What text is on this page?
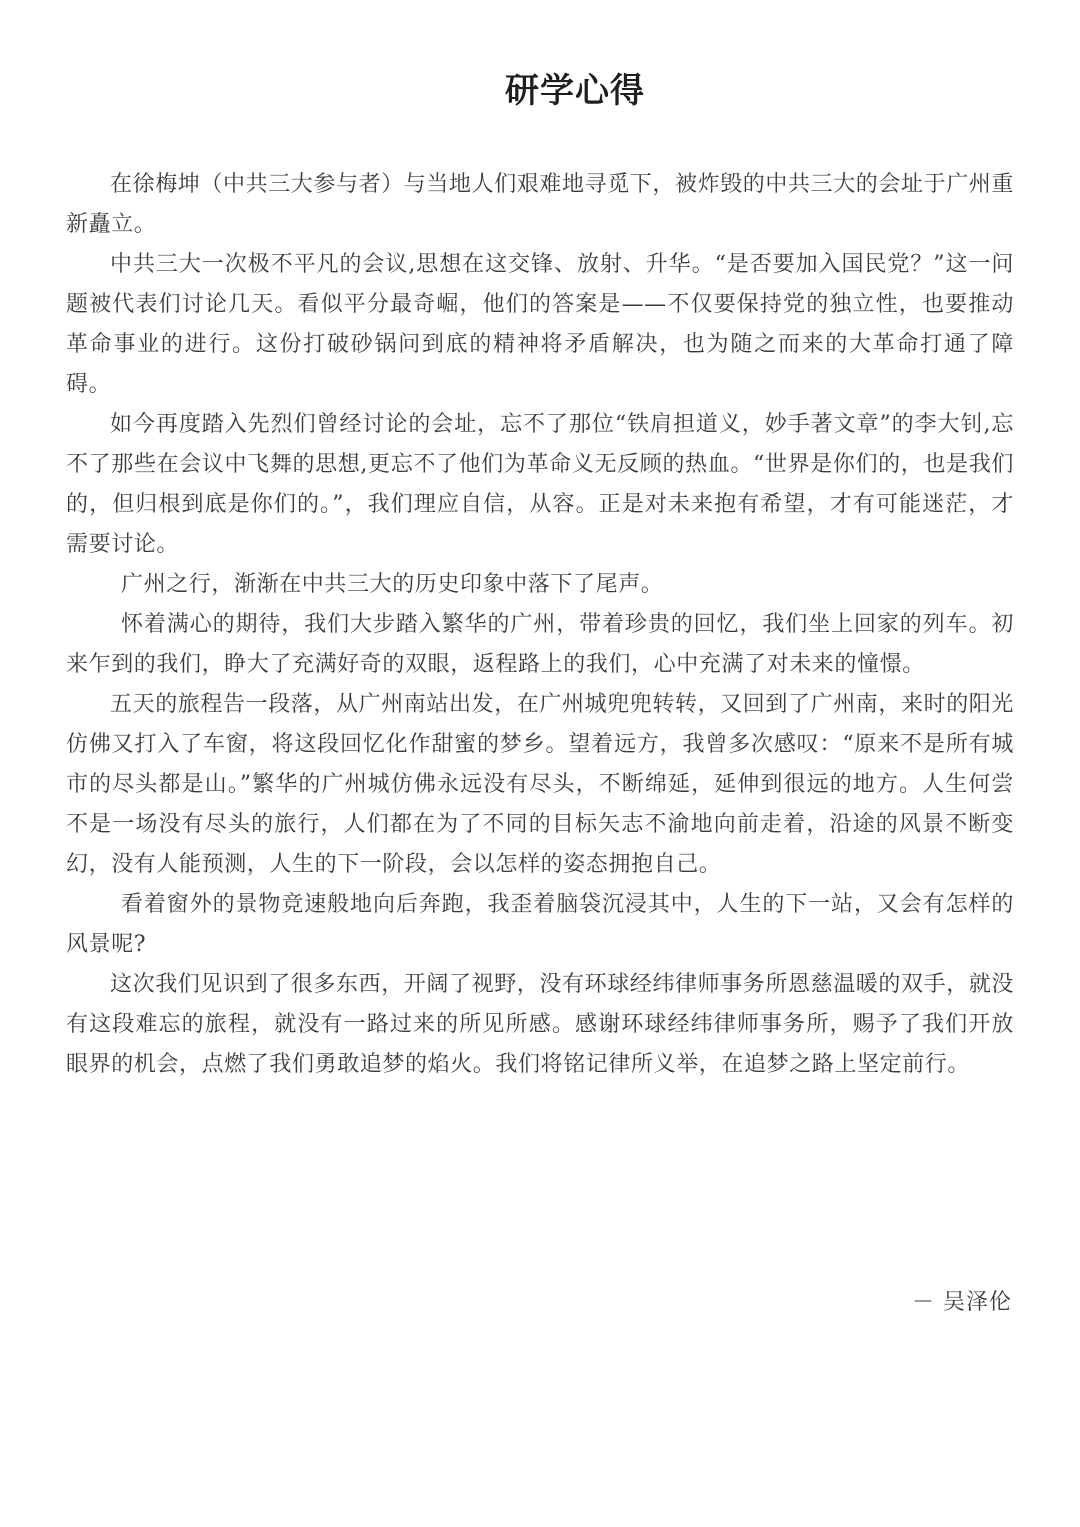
研学心得

在徐梅坤（中共三大参与者）与当地人们艰难地寻觅下，被炸毁的中共三大的会址于广州重新矗立。

中共三大一次极不平凡的会议,思想在这交锋、放射、升华。“是否要加入国民党？”这一问题被代表们讨论几天。看似平分最奇崛，他们的答案是——不仅要保持党的独立性，也要推动革命事业的进行。这份打破砂锅问到底的精神将矛盾解决，也为随之而来的大革命打通了障碍。

如今再度踏入先烈们曾经讨论的会址，忘不了那位“铁肩担道义，妙手著文章”的李大钊,忘不了那些在会议中飞舞的思想,更忘不了他们为革命义无反顾的热血。“世界是你们的，也是我们的，但归根到底是你们的。”，我们理应自信，从容。正是对未来抱有希望，才有可能迷茫，才需要讨论。

广州之行，渐渐在中共三大的历史印象中落下了尾声。

怀着满心的期待，我们大步踏入繁华的广州，带着珍贵的回忆，我们坐上回家的列车。初来乍到的我们，睁大了充满好奇的双眼，返程路上的我们，心中充满了对未来的憧憬。

五天的旅程告一段落，从广州南站出发，在广州城兜兜转转，又回到了广州南，来时的阳光仿佛又打入了车窗，将这段回忆化作甜蜜的梦乡。望着远方，我曾多次感叹：“原来不是所有城市的尽头都是山。”繁华的广州城仿佛永远没有尽头，不断绵延，延伸到很远的地方。人生何尝不是一场没有尽头的旅行，人们都在为了不同的目标矢志不渝地向前走着，沿途的风景不断变幻，没有人能预测，人生的下一阶段，会以怎样的姿态拥抱自己。

看着窗外的景物竞速般地向后奔跑，我歪着脑袋沉浸其中，人生的下一站，又会有怎样的风景呢?

这次我们见识到了很多东西，开阔了视野，没有环球经纬律师事务所恩慈温暖的双手，就没有这段难忘的旅程，就没有一路过来的所见所感。感谢环球经纬律师事务所，赐予了我们开放眼界的机会，点燃了我们勇敢追梦的焰火。我们将铭记律所义举，在追梦之路上坚定前行。

－ 吴泽伦
